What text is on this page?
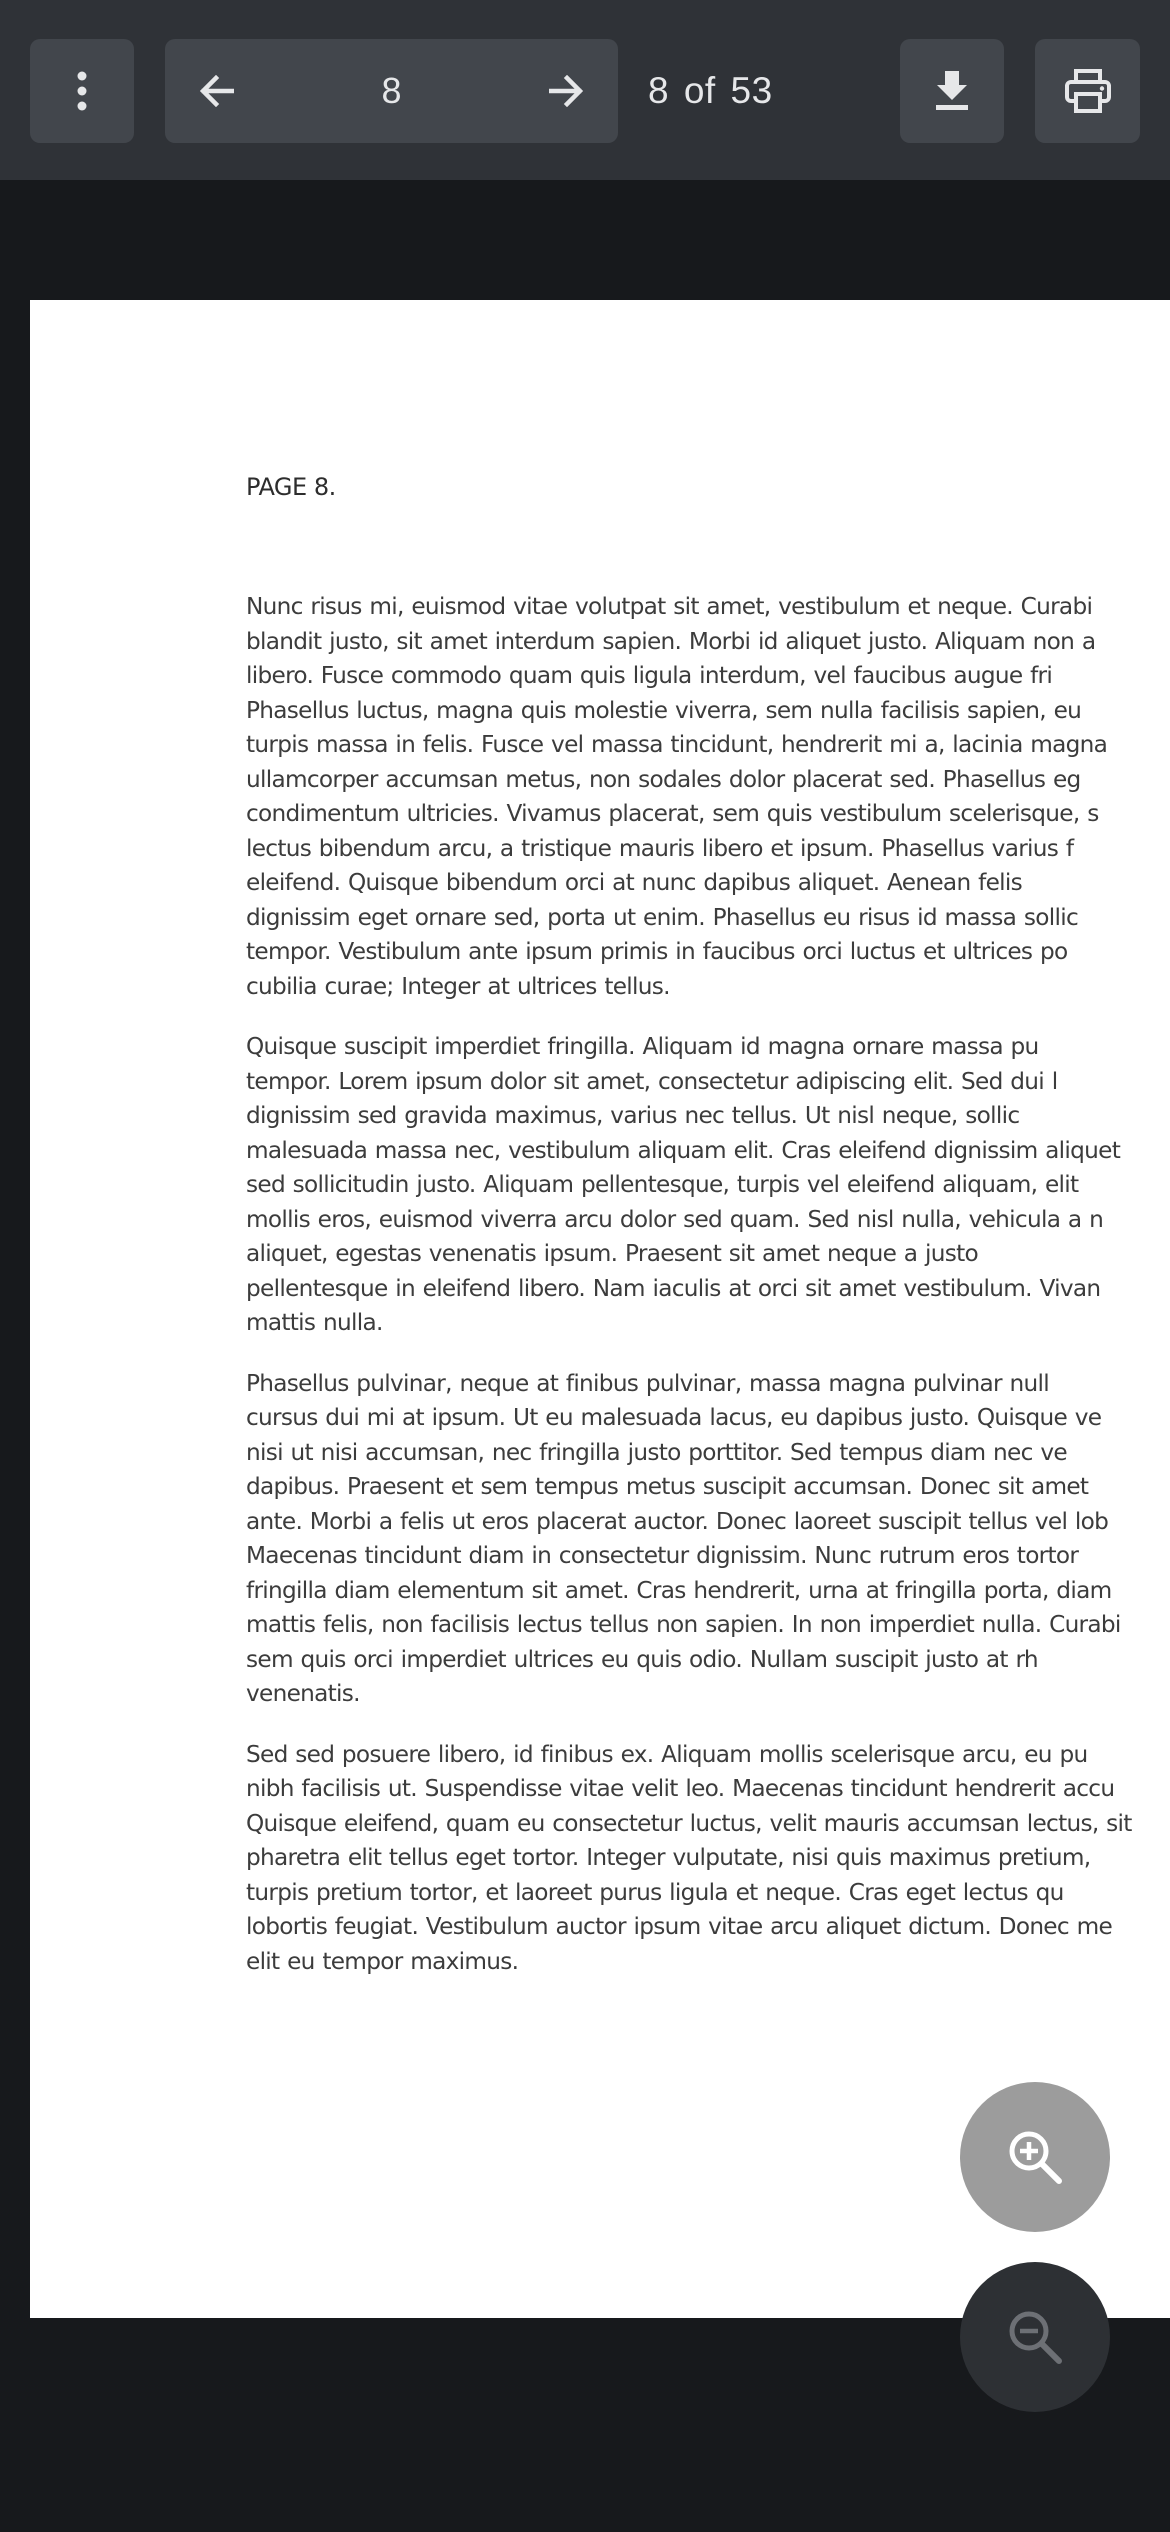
8
8 of 53
PAGE 8.

Nunc risus mi, euismod vitae volutpat sit amet, vestibulum et neque. Curabi
blandit justo, sit amet interdum sapien. Morbi id aliquet justo. Aliquam non a
libero. Fusce commodo quam quis ligula interdum, vel faucibus augue fri
Phasellus luctus, magna quis molestie viverra, sem nulla facilisis sapien, eu
turpis massa in felis. Fusce vel massa tincidunt, hendrerit mi a, lacinia magna
ullamcorper accumsan metus, non sodales dolor placerat sed. Phasellus eg
condimentum ultricies. Vivamus placerat, sem quis vestibulum scelerisque, s
lectus bibendum arcu, a tristique mauris libero et ipsum. Phasellus varius f
eleifend. Quisque bibendum orci at nunc dapibus aliquet. Aenean felis
dignissim eget ornare sed, porta ut enim. Phasellus eu risus id massa sollic
tempor. Vestibulum ante ipsum primis in faucibus orci luctus et ultrices po
cubilia curae; Integer at ultrices tellus.

Quisque suscipit imperdiet fringilla. Aliquam id magna ornare massa pu
tempor. Lorem ipsum dolor sit amet, consectetur adipiscing elit. Sed dui l
dignissim sed gravida maximus, varius nec tellus. Ut nisl neque, sollic
malesuada massa nec, vestibulum aliquam elit. Cras eleifend dignissim aliquet
sed sollicitudin justo. Aliquam pellentesque, turpis vel eleifend aliquam, elit
mollis eros, euismod viverra arcu dolor sed quam. Sed nisl nulla, vehicula a n
aliquet, egestas venenatis ipsum. Praesent sit amet neque a justo
pellentesque in eleifend libero. Nam iaculis at orci sit amet vestibulum. Vivan
mattis nulla.

Phasellus pulvinar, neque at finibus pulvinar, massa magna pulvinar null
cursus dui mi at ipsum. Ut eu malesuada lacus, eu dapibus justo. Quisque ve
nisi ut nisi accumsan, nec fringilla justo porttitor. Sed tempus diam nec ve
dapibus. Praesent et sem tempus metus suscipit accumsan. Donec sit amet
ante. Morbi a felis ut eros placerat auctor. Donec laoreet suscipit tellus vel lob
Maecenas tincidunt diam in consectetur dignissim. Nunc rutrum eros tortor
fringilla diam elementum sit amet. Cras hendrerit, urna at fringilla porta, diam
mattis felis, non facilisis lectus tellus non sapien. In non imperdiet nulla. Curabi
sem quis orci imperdiet ultrices eu quis odio. Nullam suscipit justo at rh
venenatis.

Sed sed posuere libero, id finibus ex. Aliquam mollis scelerisque arcu, eu pu
nibh facilisis ut. Suspendisse vitae velit leo. Maecenas tincidunt hendrerit accu
Quisque eleifend, quam eu consectetur luctus, velit mauris accumsan lectus, sit
pharetra elit tellus eget tortor. Integer vulputate, nisi quis maximus pretium,
turpis pretium tortor, et laoreet purus ligula et neque. Cras eget lectus qu
lobortis feugiat. Vestibulum auctor ipsum vitae arcu aliquet dictum. Donec me
elit eu tempor maximus.
